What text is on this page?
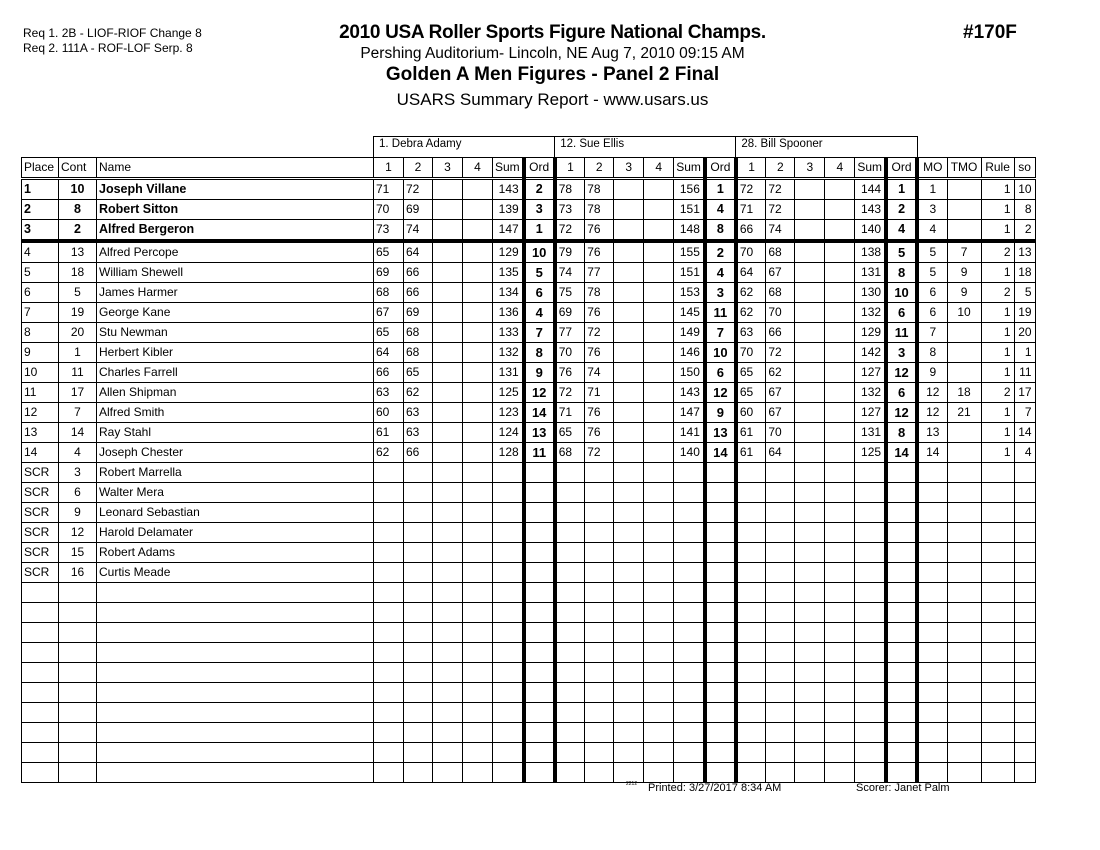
Req 1. 2B - LIOF-RIOF Change 8
Req 2. 111A - ROF-LOF Serp. 8
2010 USA Roller Sports Figure National Champs.
Pershing Auditorium- Lincoln, NE Aug 7, 2010 09:15 AM
Golden A Men Figures - Panel 2 Final
USARS Summary Report - www.usars.us
#170F
			1. Debra Adamy						12. Sue Ellis						28. Bill Spooner									
Place	Cont	Name	1	2	3	4	Sum	Ord	1	2	3	4	Sum	Ord	1	2	3	4	Sum	Ord	MO	TMO	Rule	so
1	10	Joseph Villane	71	72			143	2	78	78			156	1	72	72			144	1	1		1	10
2	8	Robert Sitton	70	69			139	3	73	78			151	4	71	72			143	2	3		1	8
3	2	Alfred Bergeron	73	74			147	1	72	76			148	8	66	74			140	4	4		1	2
4	13	Alfred Percope	65	64			129	10	79	76			155	2	70	68			138	5	5	7	2	13
5	18	William Shewell	69	66			135	5	74	77			151	4	64	67			131	8	5	9	1	18
6	5	James Harmer	68	66			134	6	75	78			153	3	62	68			130	10	6	9	2	5
7	19	George Kane	67	69			136	4	69	76			145	11	62	70			132	6	6	10	1	19
8	20	Stu Newman	65	68			133	7	77	72			149	7	63	66			129	11	7		1	20
9	1	Herbert Kibler	64	68			132	8	70	76			146	10	70	72			142	3	8		1	1
10	11	Charles Farrell	66	65			131	9	76	74			150	6	65	62			127	12	9		1	11
11	17	Allen Shipman	63	62			125	12	72	71			143	12	65	67			132	6	12	18	2	17
12	7	Alfred Smith	60	63			123	14	71	76			147	9	60	67			127	12	12	21	1	7
13	14	Ray Stahl	61	63			124	13	65	76			141	13	61	70			131	8	13		1	14
14	4	Joseph Chester	62	66			128	11	68	72			140	14	61	64			125	14	14		1	4
SCR	3	Robert Marrella																						
SCR	6	Walter Mera																						
SCR	9	Leonard Sebastian																						
SCR	12	Harold Delamater																						
SCR	15	Robert Adams																						
SCR	16	Curtis Meade																						

2212 Printed: 3/27/2017 8:34 AM	Scorer: Janet Palm
